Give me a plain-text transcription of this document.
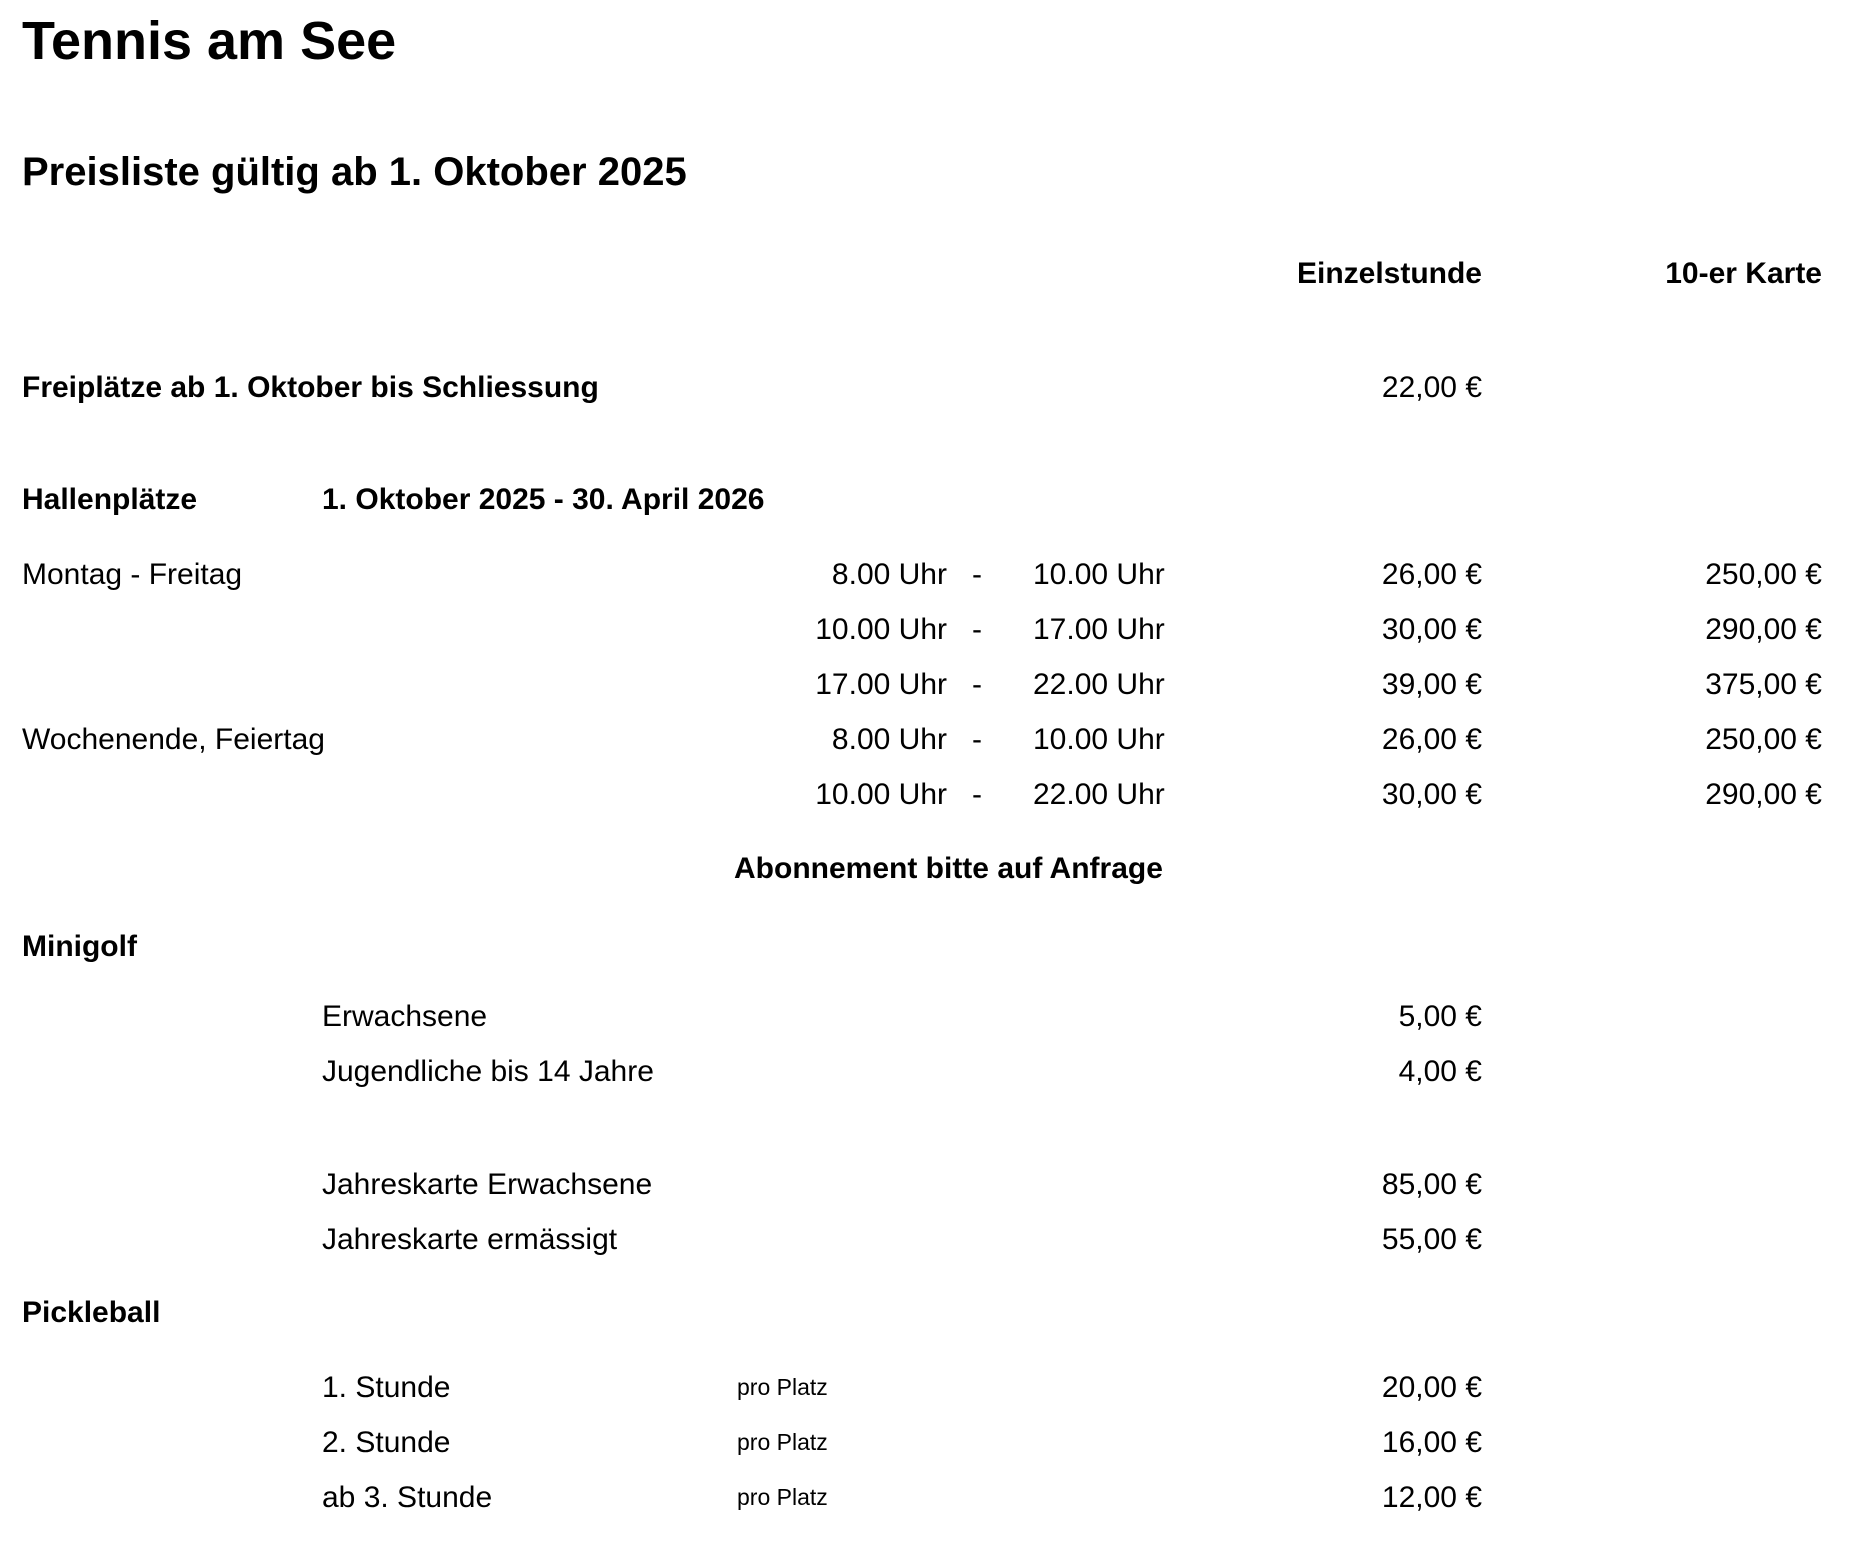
Tennis am See
Preisliste gültig ab 1. Oktober 2025
Einzelstunde	10-er Karte
Freiplätze ab 1. Oktober bis Schliessung	22,00 €
Hallenplätze	1. Oktober 2025 - 30. April 2026
Montag - Freitag	8.00 Uhr -	10.00 Uhr	26,00 €	250,00 €
10.00 Uhr -	17.00 Uhr	30,00 €	290,00 €
17.00 Uhr -	22.00 Uhr	39,00 €	375,00 €
Wochenende, Feiertag	8.00 Uhr -	10.00 Uhr	26,00 €	250,00 €
10.00 Uhr -	22.00 Uhr	30,00 €	290,00 €
Abonnement bitte auf Anfrage
Minigolf
Erwachsene	5,00 €
Jugendliche bis 14 Jahre	4,00 €
Jahreskarte Erwachsene	85,00 €
Jahreskarte ermässigt	55,00 €
Pickleball
1. Stunde	pro Platz	20,00 €
2. Stunde	pro Platz	16,00 €
ab 3. Stunde	pro Platz	12,00 €
